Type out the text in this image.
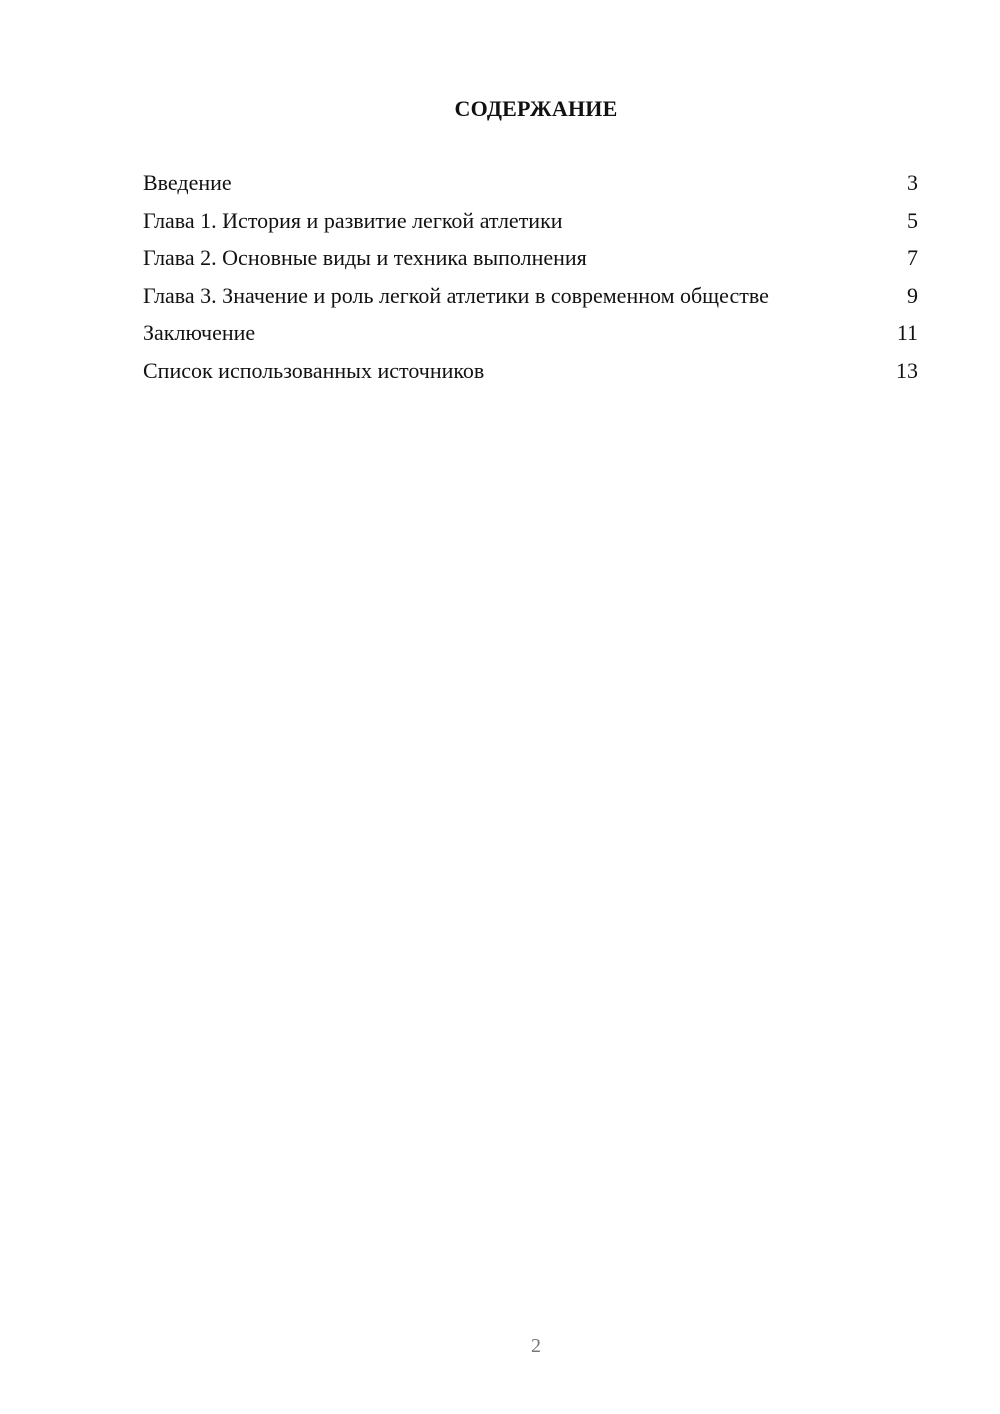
СОДЕРЖАНИЕ
Введение	3
Глава 1. История и развитие легкой атлетики	5
Глава 2. Основные виды и техника выполнения	7
Глава 3. Значение и роль легкой атлетики в современном обществе	9
Заключение	11
Список использованных источников	13
2
